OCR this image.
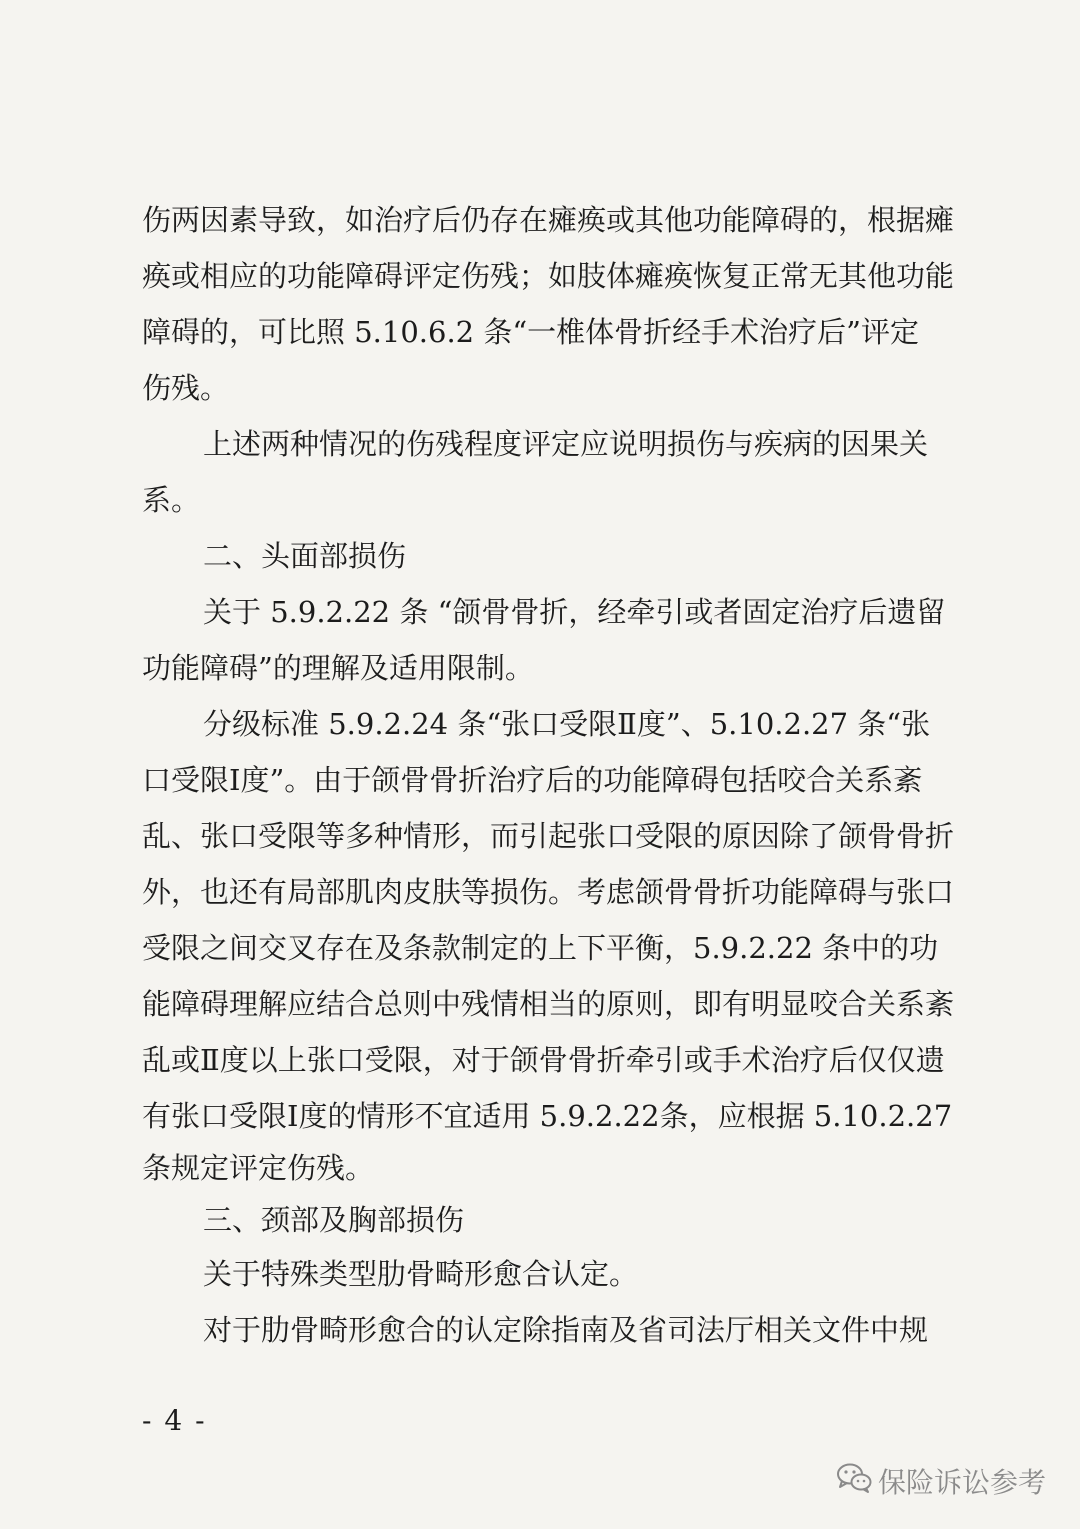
伤两因素导致，如治疗后仍存在瘫痪或其他功能障碍的，根据瘫

痪或相应的功能障碍评定伤残；如肢体瘫痪恢复正常无其他功能

障碍的，可比照 5.10.6.2 条“一椎体骨折经手术治疗后”评定

伤残。

上述两种情况的伤残程度评定应说明损伤与疾病的因果关

系。

二、头面部损伤

关于 5.9.2.22 条 “颌骨骨折，经牵引或者固定治疗后遗留

功能障碍”的理解及适用限制。

分级标准 5.9.2.24 条“张口受限Ⅱ度”、5.10.2.27 条“张

口受限Ⅰ度”。由于颌骨骨折治疗后的功能障碍包括咬合关系紊

乱、张口受限等多种情形，而引起张口受限的原因除了颌骨骨折

外，也还有局部肌肉皮肤等损伤。考虑颌骨骨折功能障碍与张口

受限之间交叉存在及条款制定的上下平衡，5.9.2.22 条中的功

能障碍理解应结合总则中残情相当的原则，即有明显咬合关系紊

乱或Ⅱ度以上张口受限，对于颌骨骨折牵引或手术治疗后仅仅遗

有张口受限Ⅰ度的情形不宜适用 5.9.2.22条，应根据 5.10.2.27

条规定评定伤残。

三、颈部及胸部损伤

关于特殊类型肋骨畸形愈合认定。

对于肋骨畸形愈合的认定除指南及省司法厅相关文件中规

- 4 -
保险诉讼参考
